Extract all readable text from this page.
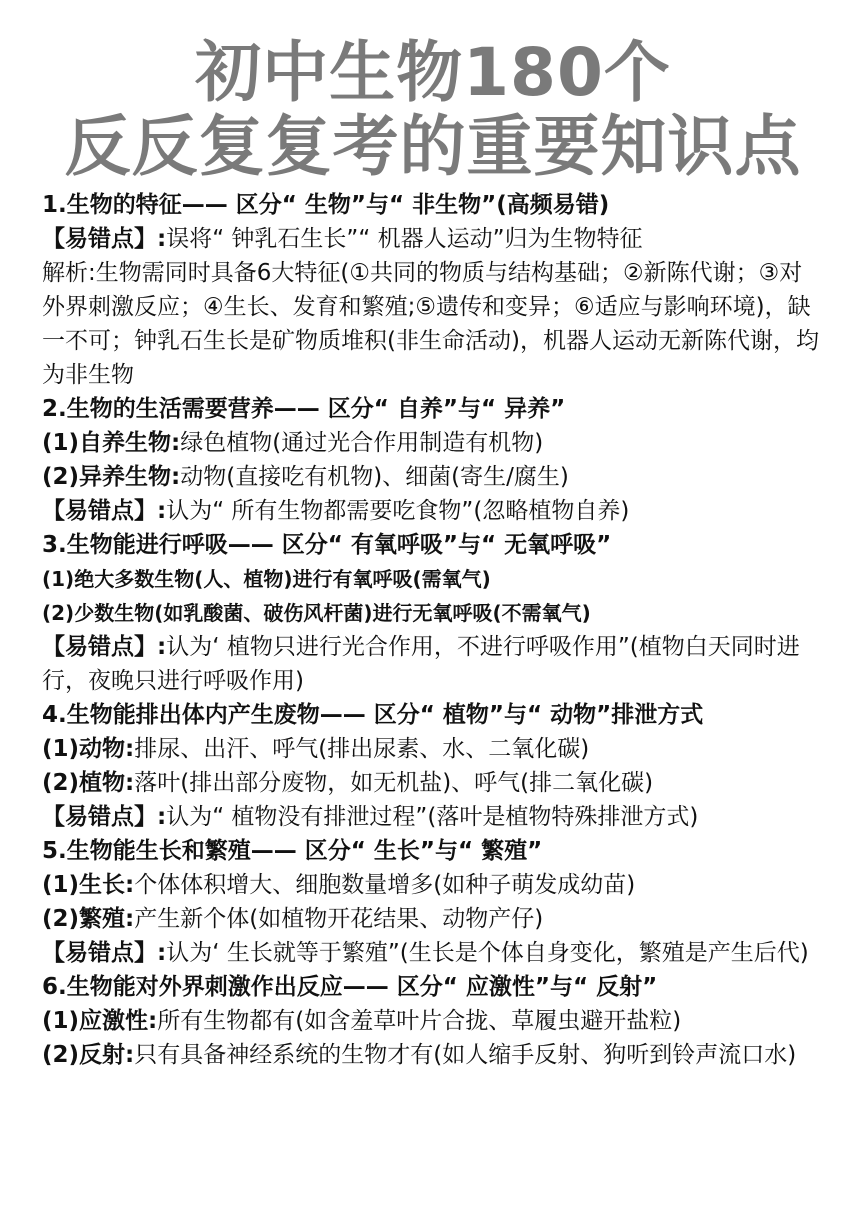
初中生物180个
反反复复考的重要知识点
1.生物的特征—— 区分“ 生物”与“ 非生物”(高频易错)
【易错点】:误将“ 钟乳石生长”“ 机器人运动”归为生物特征
解析:生物需同时具备6大特征(①共同的物质与结构基础；②新陈代谢；③对外界刺激反应；④生长、发育和繁殖;⑤遗传和变异；⑥适应与影响环境)，缺一不可；钟乳石生长是矿物质堆积(非生命活动)，机器人运动无新陈代谢，均为非生物
2.生物的生活需要营养—— 区分“ 自养”与“ 异养”
(1)自养生物:绿色植物(通过光合作用制造有机物)
(2)异养生物:动物(直接吃有机物)、细菌(寄生/腐生)
【易错点】:认为“ 所有生物都需要吃食物”(忽略植物自养)
3.生物能进行呼吸—— 区分“ 有氧呼吸”与“ 无氧呼吸”
(1)绝大多数生物(人、植物)进行有氧呼吸(需氧气)
(2)少数生物(如乳酸菌、破伤风杆菌)进行无氧呼吸(不需氧气)
【易错点】:认为‘ 植物只进行光合作用，不进行呼吸作用”(植物白天同时进行，夜晚只进行呼吸作用)
4.生物能排出体内产生废物—— 区分“ 植物”与“ 动物”排泄方式
(1)动物:排尿、出汗、呼气(排出尿素、水、二氧化碳)
(2)植物:落叶(排出部分废物，如无机盐)、呼气(排二氧化碳)
【易错点】:认为“ 植物没有排泄过程”(落叶是植物特殊排泄方式)
5.生物能生长和繁殖—— 区分“ 生长”与“ 繁殖”
(1)生长:个体体积增大、细胞数量增多(如种子萌发成幼苗)
(2)繁殖:产生新个体(如植物开花结果、动物产仔)
【易错点】:认为‘ 生长就等于繁殖”(生长是个体自身变化，繁殖是产生后代)
6.生物能对外界刺激作出反应—— 区分“ 应激性”与“ 反射”
(1)应激性:所有生物都有(如含羞草叶片合拢、草履虫避开盐粒)
(2)反射:只有具备神经系统的生物才有(如人缩手反射、狗听到铃声流口水)
